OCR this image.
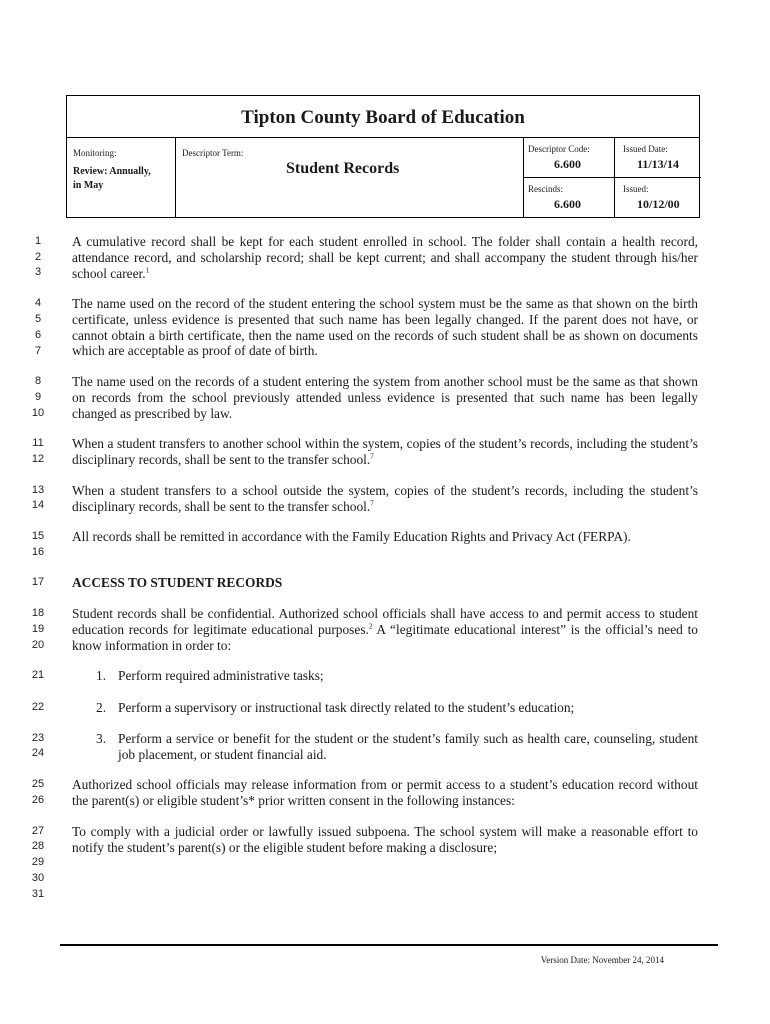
Tipton County Board of Education
Monitoring:
Review: Annually,
in May
Descriptor Term:
Student Records
Descriptor Code:
6.600
Issued Date:
11/13/14
Rescinds:
6.600
Issued:
10/12/00
1
2
3
4
5
6
7
8
9
10
11
12
13
14
15
16
17
18
19
20
21
22
23
24
25
26
27
28
29
30
31

A cumulative record shall be kept for each student enrolled in school. The folder shall contain a health record, attendance record, and scholarship record; shall be kept current; and shall accompany the student through his/her school career.$^1$

The name used on the record of the student entering the school system must be the same as that shown on the birth certificate, unless evidence is presented that such name has been legally changed. If the parent does not have, or cannot obtain a birth certificate, then the name used on the records of such student shall be as shown on documents which are acceptable as proof of date of birth.

The name used on the records of a student entering the system from another school must be the same as that shown on records from the school previously attended unless evidence is presented that such name has been legally changed as prescribed by law.

When a student transfers to another school within the system, copies of the student’s records, including the student’s disciplinary records, shall be sent to the transfer school.$^7$

When a student transfers to a school outside the system, copies of the student’s records, including the student’s disciplinary records, shall be sent to the transfer school.$^7$

All records shall be remitted in accordance with the Family Education Rights and Privacy Act (FERPA).

ACCESS TO STUDENT RECORDS

Student records shall be confidential. Authorized school officials shall have access to and permit access to student education records for legitimate educational purposes.$^2$ A “legitimate educational interest” is the official’s need to know information in order to:

1. Perform required administrative tasks;
2. Perform a supervisory or instructional task directly related to the student’s education;
3. Perform a service or benefit for the student or the student’s family such as health care, counseling, student job placement, or student financial aid.

Authorized school officials may release information from or permit access to a student’s education record without the parent(s) or eligible student’s* prior written consent in the following instances:

To comply with a judicial order or lawfully issued subpoena. The school system will make a reasonable effort to notify the student’s parent(s) or the eligible student before making a disclosure;

Version Date: November 24, 2014
